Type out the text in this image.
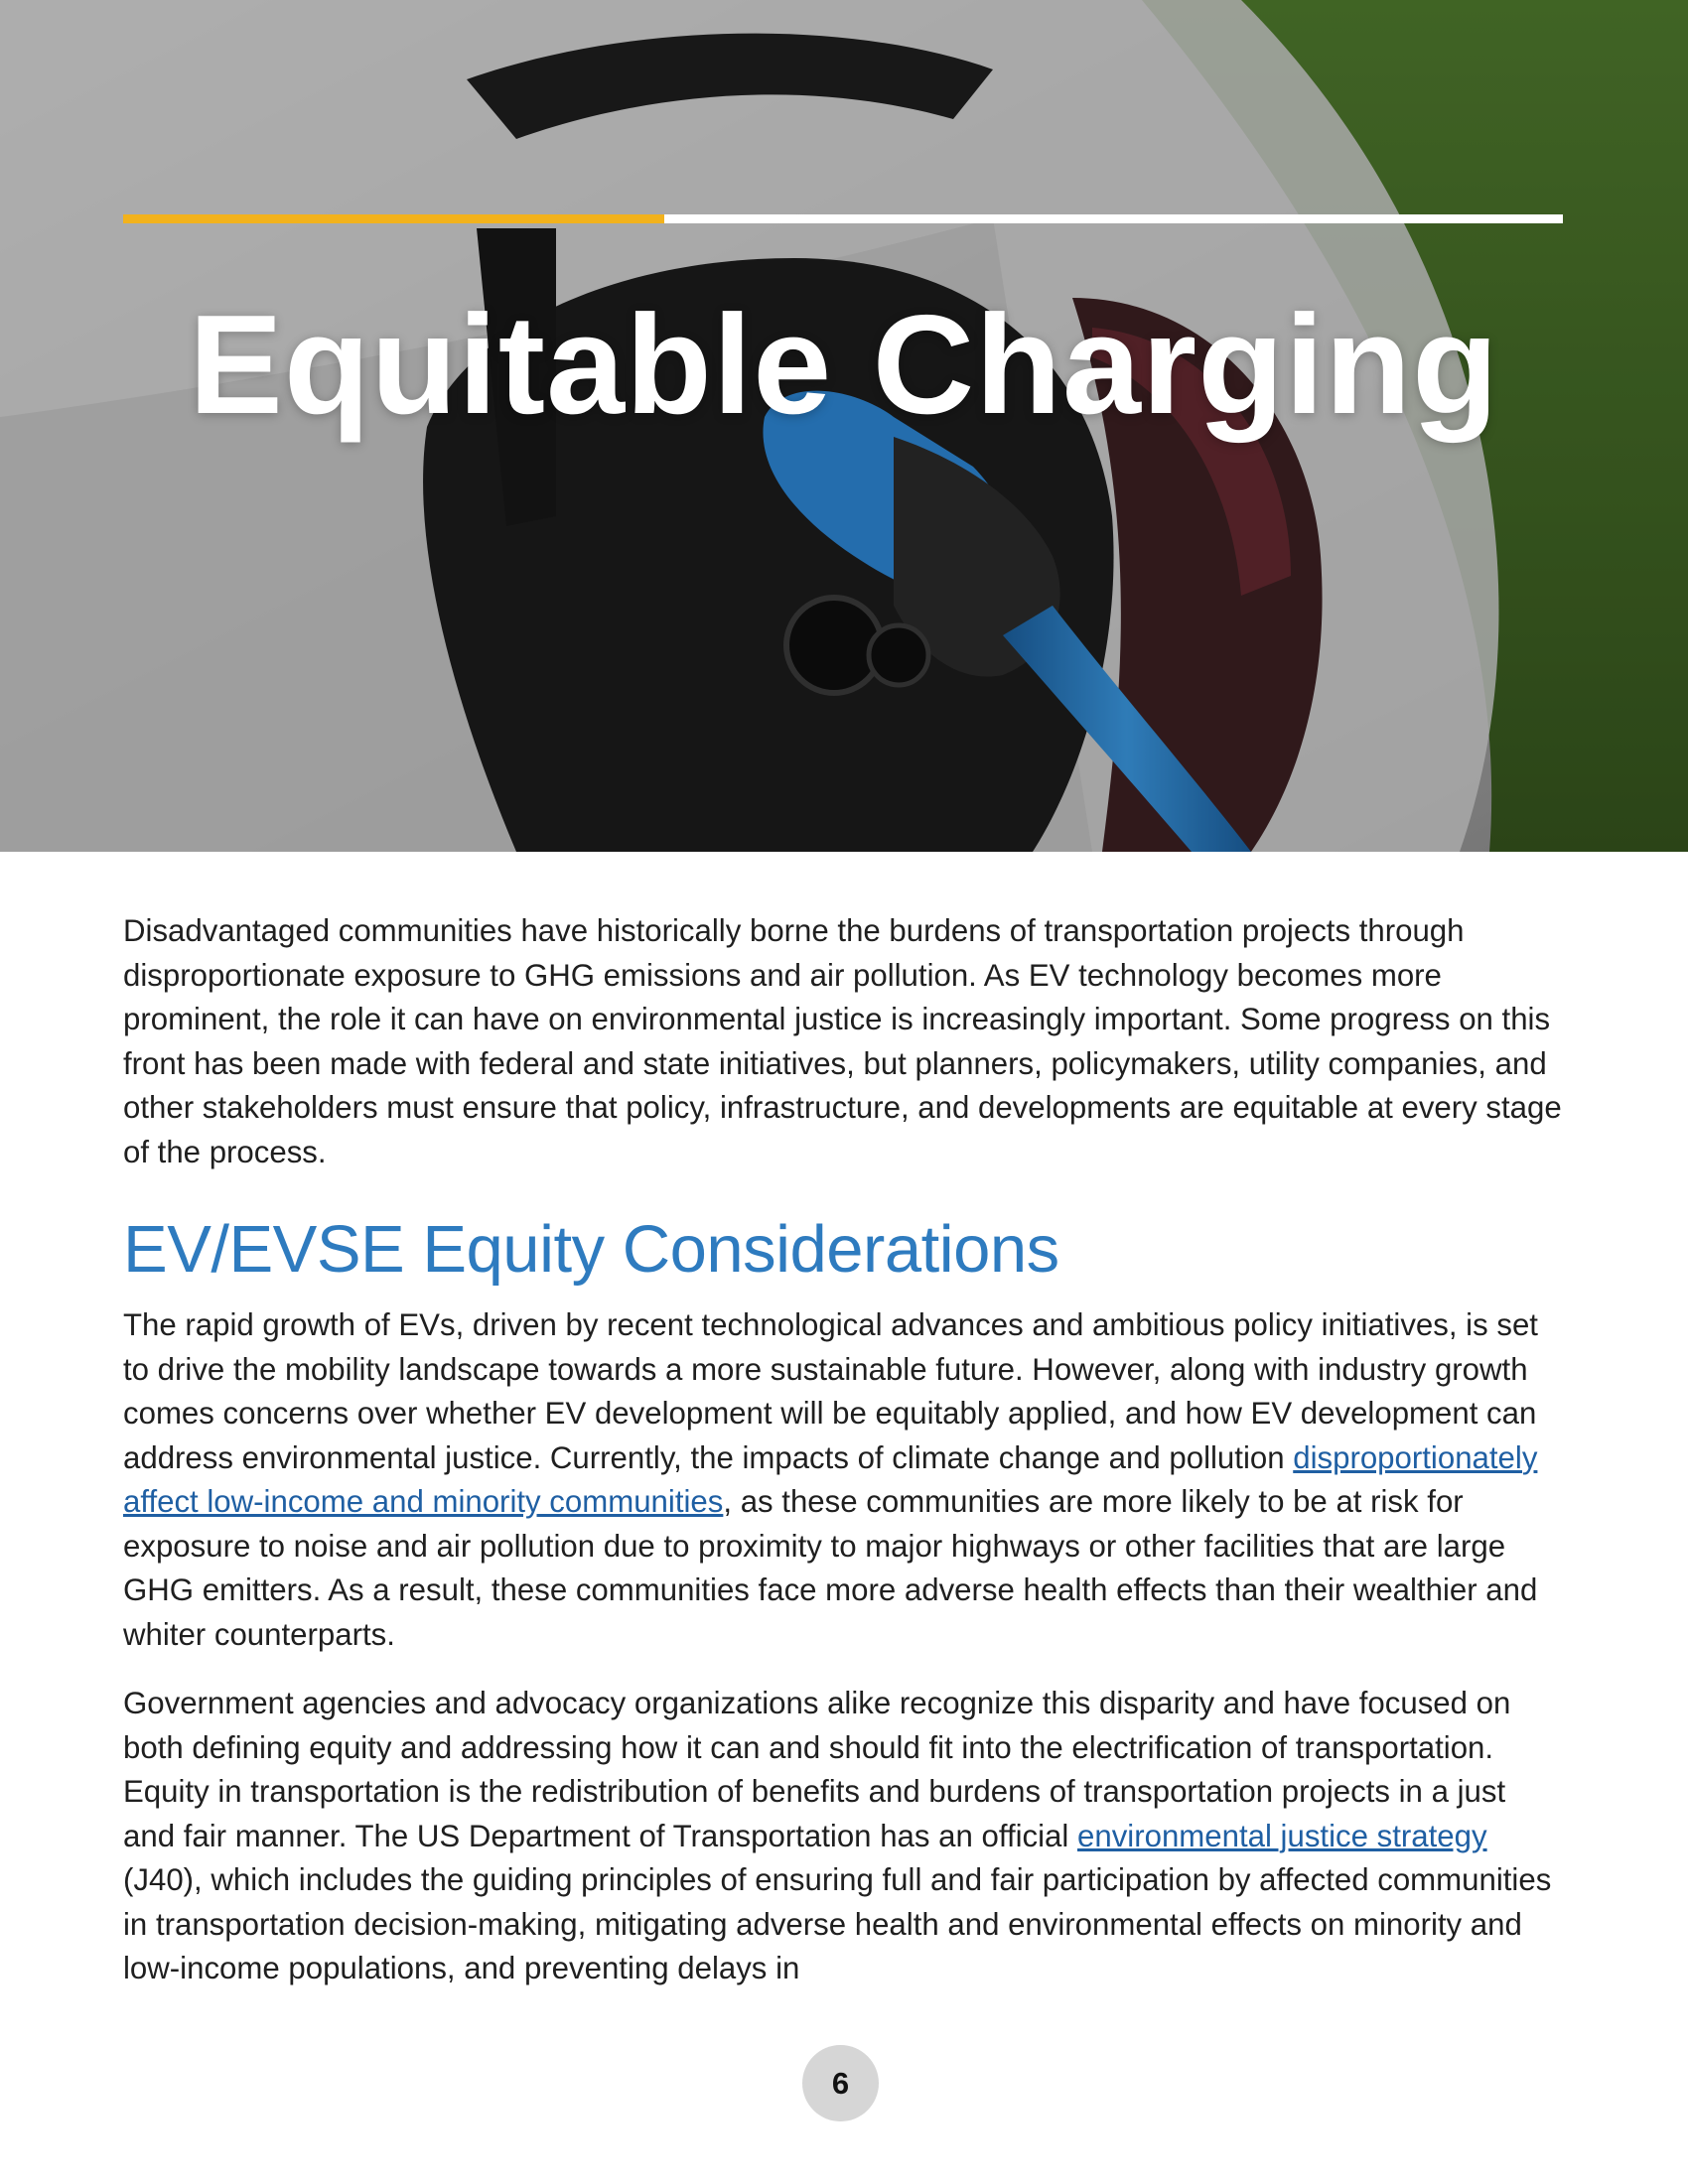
Equitable Charging

Disadvantaged communities have historically borne the burdens of transportation projects through disproportionate exposure to GHG emissions and air pollution. As EV technology becomes more prominent, the role it can have on environmental justice is increasingly important. Some progress on this front has been made with federal and state initiatives, but planners, policymakers, utility companies, and other stakeholders must ensure that policy, infrastructure, and developments are equitable at every stage of the process.

EV/EVSE Equity Considerations

The rapid growth of EVs, driven by recent technological advances and ambitious policy initiatives, is set to drive the mobility landscape towards a more sustainable future. However, along with industry growth comes concerns over whether EV development will be equitably applied, and how EV development can address environmental justice. Currently, the impacts of climate change and pollution disproportionately affect low-income and minority communities, as these communities are more likely to be at risk for exposure to noise and air pollution due to proximity to major highways or other facilities that are large GHG emitters. As a result, these communities face more adverse health effects than their wealthier and whiter counterparts.

Government agencies and advocacy organizations alike recognize this disparity and have focused on both defining equity and addressing how it can and should fit into the electrification of transportation. Equity in transportation is the redistribution of benefits and burdens of transportation projects in a just and fair manner. The US Department of Transportation has an official environmental justice strategy (J40), which includes the guiding principles of ensuring full and fair participation by affected communities in transportation decision-making, mitigating adverse health and environmental effects on minority and low-income populations, and preventing delays in

6
